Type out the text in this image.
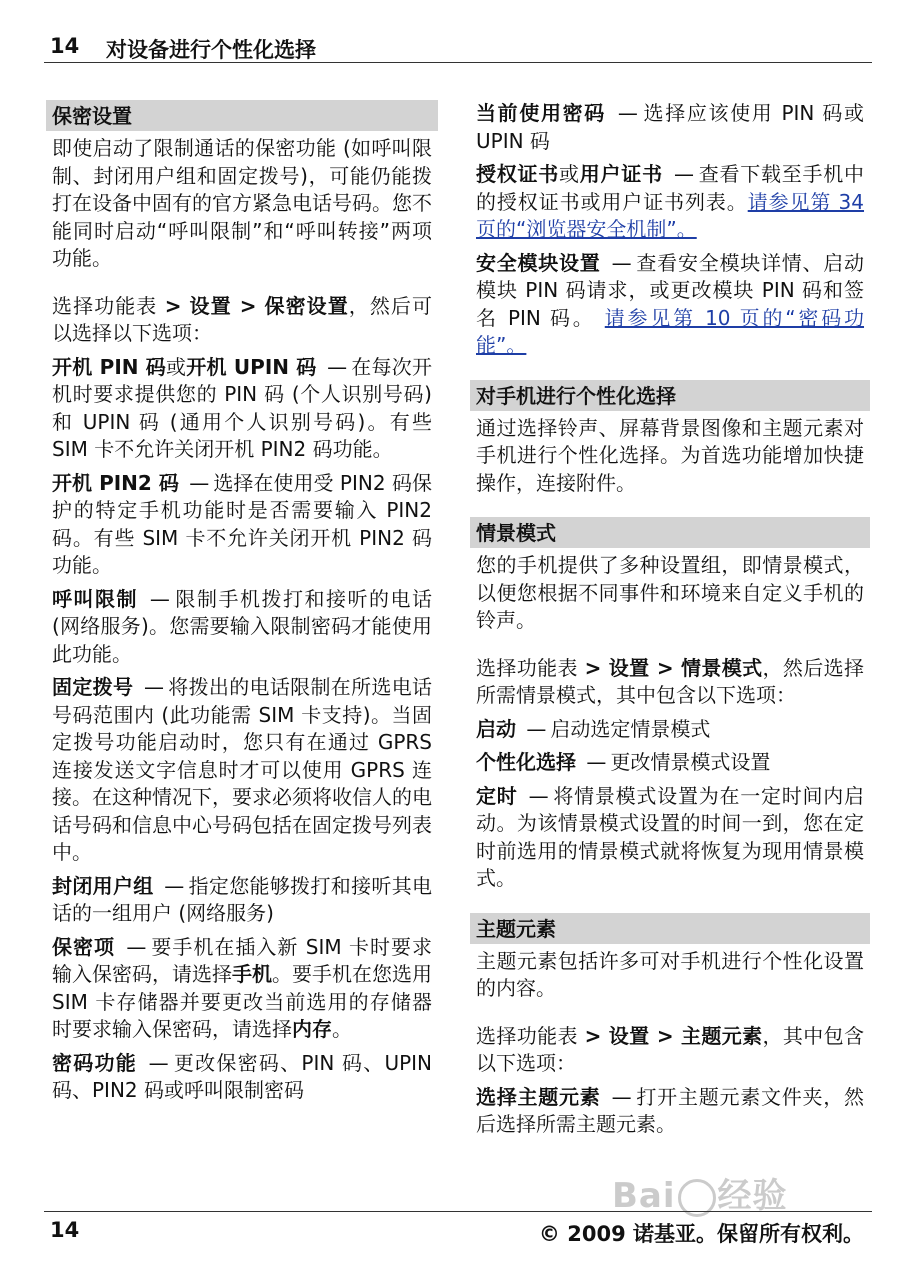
14 对设备进行个性化选择
保密设置

即使启动了限制通话的保密功能 (如呼叫限制、封闭用户组和固定拨号)，可能仍能拨打在设备中固有的官方紧急电话号码。您不能同时启动“呼叫限制”和“呼叫转接”两项功能。

选择功能表 > 设置 > 保密设置，然后可以选择以下选项：

开机 PIN 码或开机 UPIN 码 — 在每次开机时要求提供您的 PIN 码 (个人识别号码) 和 UPIN 码 (通用个人识别号码)。有些 SIM 卡不允许关闭开机 PIN2 码功能。

开机 PIN2 码 — 选择在使用受 PIN2 码保护的特定手机功能时是否需要输入 PIN2 码。有些 SIM 卡不允许关闭开机 PIN2 码功能。

呼叫限制 — 限制手机拨打和接听的电话 (网络服务)。您需要输入限制密码才能使用此功能。

固定拨号 — 将拨出的电话限制在所选电话号码范围内 (此功能需 SIM 卡支持)。当固定拨号功能启动时，您只有在通过 GPRS 连接发送文字信息时才可以使用 GPRS 连接。在这种情况下，要求必须将收信人的电话号码和信息中心号码包括在固定拨号列表中。

封闭用户组 — 指定您能够拨打和接听其电话的一组用户 (网络服务)

保密项 — 要手机在插入新 SIM 卡时要求输入保密码，请选择手机。要手机在您选用 SIM 卡存储器并要更改当前选用的存储器时要求输入保密码，请选择内存。

密码功能 — 更改保密码、PIN 码、UPIN 码、PIN2 码或呼叫限制密码

当前使用密码 — 选择应该使用 PIN 码或 UPIN 码

授权证书或用户证书 — 查看下载至手机中的授权证书或用户证书列表。请参见第 34 页的“浏览器安全机制”。

安全模块设置 — 查看安全模块详情、启动模块 PIN 码请求，或更改模块 PIN 码和签名 PIN 码。 请参见第 10 页的“密码功能”。

对手机进行个性化选择

通过选择铃声、屏幕背景图像和主题元素对手机进行个性化选择。为首选功能增加快捷操作，连接附件。

情景模式

您的手机提供了多种设置组，即情景模式，以便您根据不同事件和环境来自定义手机的铃声。

选择功能表 > 设置 > 情景模式，然后选择所需情景模式，其中包含以下选项：

启动 — 启动选定情景模式

个性化选择 — 更改情景模式设置

定时 — 将情景模式设置为在一定时间内启动。为该情景模式设置的时间一到，您在定时前选用的情景模式就将恢复为现用情景模式。

主题元素

主题元素包括许多可对手机进行个性化设置的内容。

选择功能表 > 设置 > 主题元素，其中包含以下选项：

选择主题元素 — 打开主题元素文件夹，然后选择所需主题元素。

Bai 经验
14	© 2009 诺基亚。保留所有权利。
